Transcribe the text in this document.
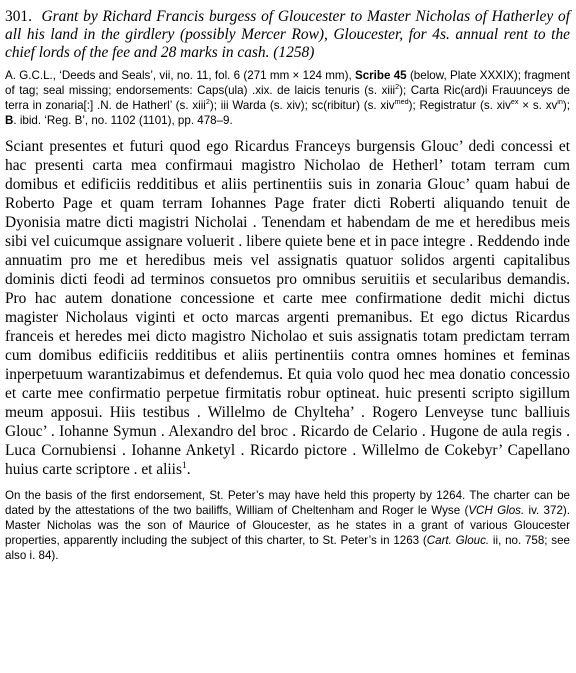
301. Grant by Richard Francis burgess of Gloucester to Master Nicholas of Hatherley of all his land in the girdlery (possibly Mercer Row), Gloucester, for 4s. annual rent to the chief lords of the fee and 28 marks in cash. (1258)

A. G.C.L., ‘Deeds and Seals’, vii, no. 11, fol. 6 (271 mm × 124 mm), Scribe 45 (below, Plate XXXIX); fragment of tag; seal missing; endorsements: Caps(ula) .xix. de laicis tenuris (s. xiii$^2$); Carta Ric(ard)i Frauunceys de terra in zonaria[:] .N. de Hatherl’ (s. xiii$^2$); iii Warda (s. xiv); sc(ribitur) (s. xiv$^{med}$); Registratur (s. xiv$^{ex}$ × s. $xv^{in}$); B. ibid. ‘Reg. B’, no. 1102 (1101), pp. 478–9.

Sciant presentes et futuri quod ego Ricardus Franceys burgensis Glouc’ dedi concessi et hac presenti carta mea confirmaui magistro Nicholao de Hetherl’ totam terram cum domibus et edificiis redditibus et aliis pertinentiis suis in zonaria Glouc’ quam habui de Roberto Page et quam terram Iohannes Page frater dicti Roberti aliquando tenuit de Dyonisia matre dicti magistri Nicholai . Tenendam et habendam de me et heredibus meis sibi vel cuicumque assignare voluerit . libere quiete bene et in pace integre . Reddendo inde annuatim pro me et heredibus meis vel assignatis quatuor solidos argenti capitalibus dominis dicti feodi ad terminos consuetos pro omnibus seruitiis et secularibus demandis. Pro hac autem donatione concessione et carte mee confirmatione dedit michi dictus magister Nicholaus viginti et octo marcas argenti premanibus. Et ego dictus Ricardus franceis et heredes mei dicto magistro Nicholao et suis assignatis totam predictam terram cum domibus edificiis redditibus et aliis pertinentiis contra omnes homines et feminas inperpetuum warantizabimus et defendemus. Et quia volo quod hec mea donatio concessio et carte mee confirmatio perpetue firmitatis robur optineat. huic presenti scripto sigillum meum apposui. Hiis testibus . Willelmo de Chylteha’ . Rogero Lenveyse tunc balliuis Glouc’ . Iohanne Symun . Alexandro del broc . Ricardo de Celario . Hugone de aula regis . Luca Cornubiensi . Iohanne Anketyl . Ricardo pictore . Willelmo de Cokebyr’ Capellano huius carte scriptore . et aliis$^1$.

On the basis of the first endorsement, St. Peter’s may have held this property by 1264. The charter can be dated by the attestations of the two bailiffs, William of Cheltenham and Roger le Wyse (VCH Glos. iv. 372). Master Nicholas was the son of Maurice of Gloucester, as he states in a grant of various Gloucester properties, apparently including the subject of this charter, to St. Peter’s in 1263 (Cart. Glouc. ii, no. 758; see also i. 84).
